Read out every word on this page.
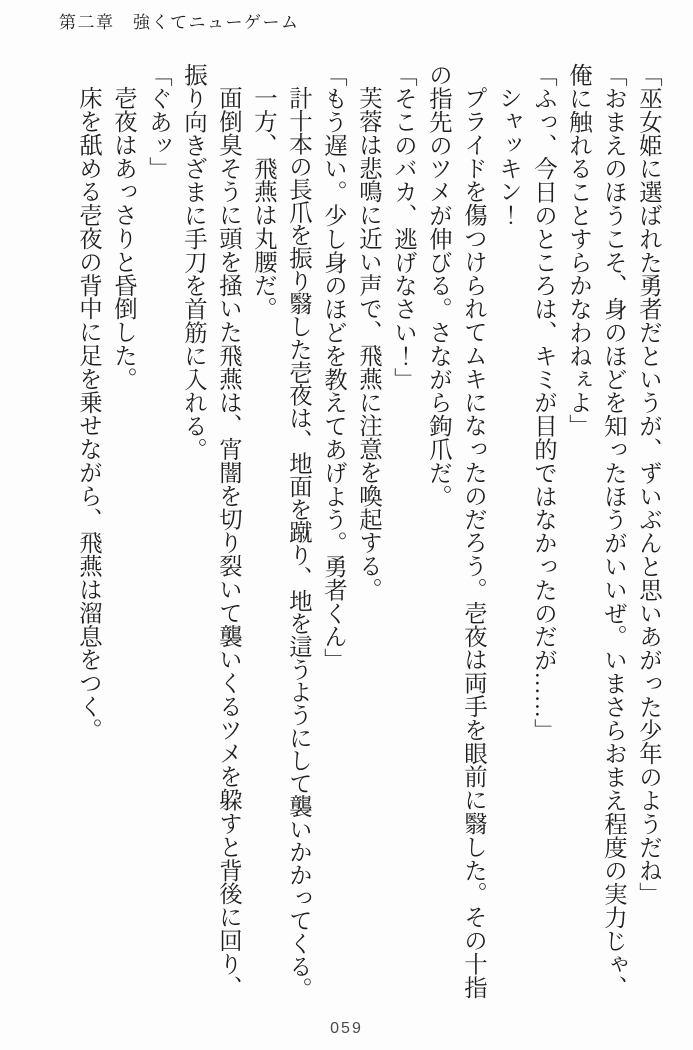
第二章　強くてニューゲーム

「巫女姫に選ばれた勇者だというが、ずいぶんと思いあがった少年のようだね」

「おまえのほうこそ、身のほどを知ったほうがいいぜ。いまさらおまえ程度の実力じゃ、俺に触れることすらかなわねぇよ」

「ふっ、今日のところは、キミが目的ではなかったのだが……」

シャッキン！

プライドを傷つけられてムキになったのだろう。壱夜は両手を眼前に翳した。その十指の指先のツメが伸びる。さながら鉤爪だ。

「そこのバカ、逃げなさい！」

芙蓉は悲鳴に近い声で、飛燕に注意を喚起する。

「もう遅い。少し身のほどを教えてあげよう。勇者くん」

計十本の長爪を振り翳した壱夜は、地面を蹴り、地を這うようにして襲いかかってくる。

一方、飛燕は丸腰だ。

面倒臭そうに頭を掻いた飛燕は、宵闇を切り裂いて襲いくるツメを躱すと背後に回り、振り向きざまに手刀を首筋に入れる。

「ぐあッ」

壱夜はあっさりと昏倒した。

床を舐める壱夜の背中に足を乗せながら、飛燕は溜息をつく。

059
